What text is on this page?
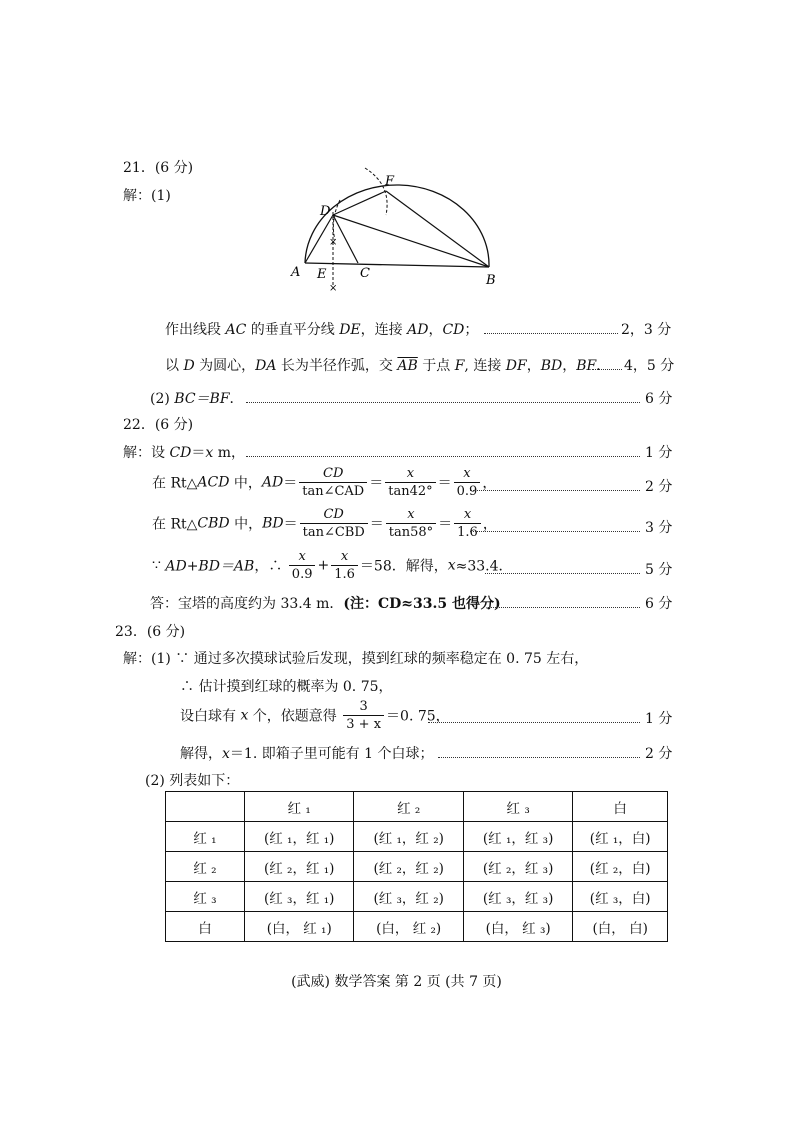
21．(6 分)
解：(1)
×
×
A E	C	B
D
F
作出线段 AC 的垂直平分线 DE，连接 AD，CD；	2，3 分
以 D 为圆心，DA 长为半径作弧，交 $\overline{AB}$ 于点 F, 连接 DF，BD，BF． 4，5 分
(2) BC＝BF．	6 分
22．(6 分)
解：设 CD＝x m，	1 分
在 Rt△ACD 中，$AD= \frac{CD}{\text{tan∠CAD}} = \frac{x}{\tan 42^\circ} = \frac{x}{0.9}$ ，	2 分
在 Rt△CBD 中，$BD= \frac{CD}{\text{tan∠CBD}} = \frac{x}{\tan 58^\circ} = \frac{x}{1.6}$ ，	3 分
∵ AD+BD＝AB，∴ $\frac{x}{0.9} + \frac{x}{1.6} =58$．解得，x≈33.4．	5 分
答：宝塔的高度约为 33.4 m．(注：CD≈33.5 也得分)	6 分
23．(6 分)
解：(1) ∵ 通过多次摸球试验后发现，摸到红球的频率稳定在 0. 75 左右，
∴ 估计摸到红球的概率为 0. 75，
设白球有 x 个，依题意得 $\frac{3}{3 + x} =0$. 75，	1 分
解得，x＝1. 即箱子里可能有 1 个白球；	2 分
(2) 列表如下：
	红 ₁	红 ₂	红 ₃	白
红 ₁	(红 ₁，红 ₁)	(红 ₁，红 ₂)	(红 ₁，红 ₃)	(红 ₁，白)
红 ₂	(红 ₂，红 ₁)	(红 ₂，红 ₂)	(红 ₂，红 ₃)	(红 ₂，白)
红 ₃	(红 ₃，红 ₁)	(红 ₃，红 ₂)	(红 ₃，红 ₃)	(红 ₃，白)
白	(白， 红 ₁)	(白， 红 ₂)	(白， 红 ₃)	(白， 白)
(武威) 数学答案 第 2 页 (共 7 页)
